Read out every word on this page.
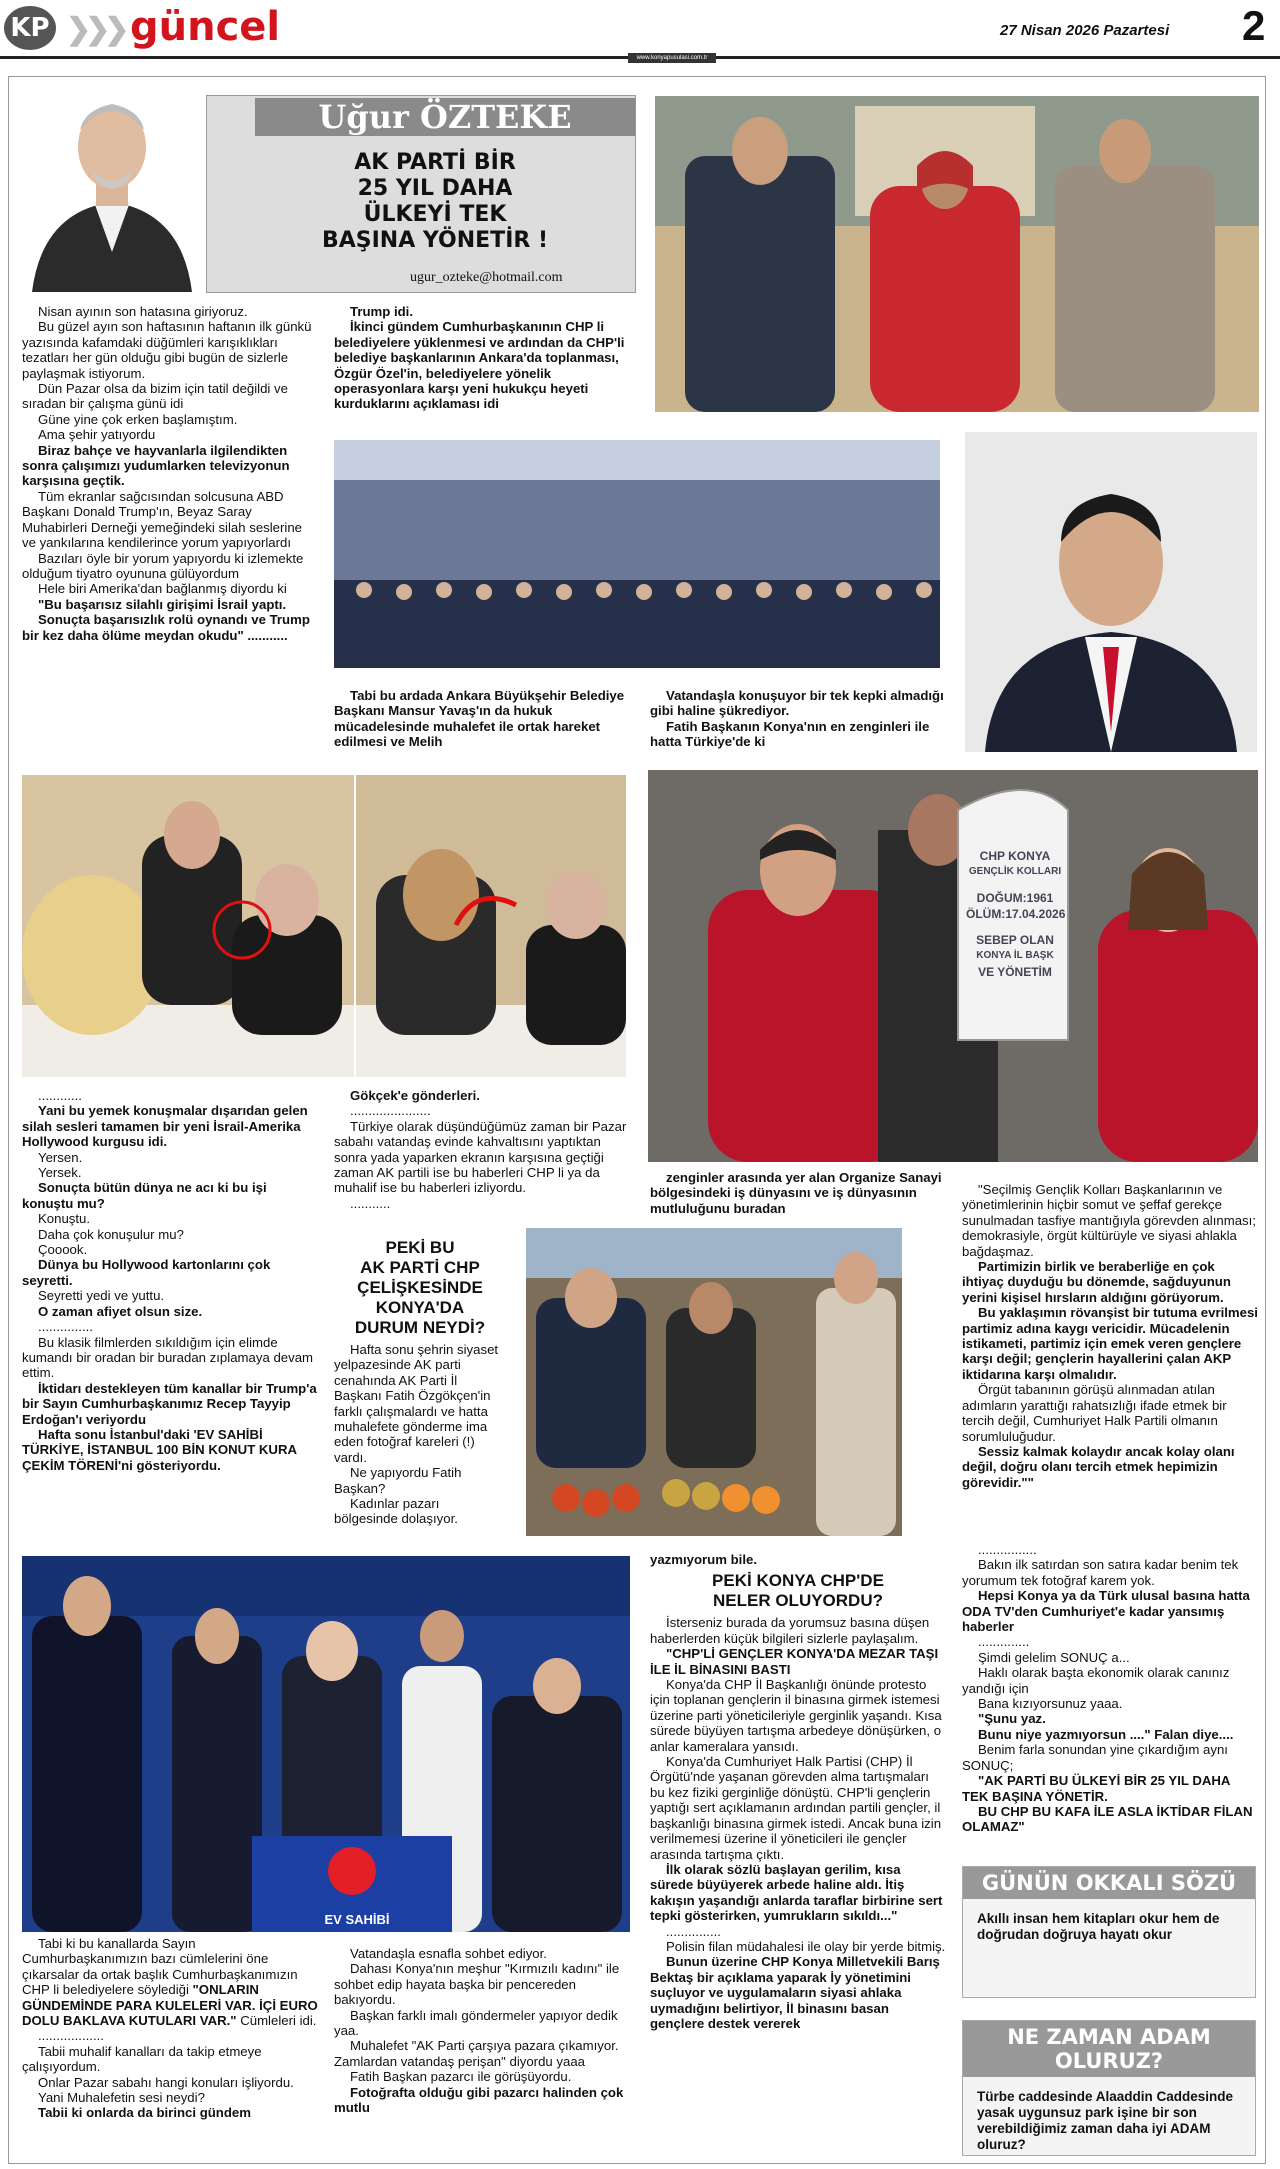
KP ❯❯❯ güncel	27 Nisan 2026 Pazartesi 2
www.konyapusulasi.com.tr
Uğur ÖZTEKE
AK PARTİ BİR
25 YIL DAHA
ÜLKEYİ TEK
BAŞINA YÖNETİR !
ugur_ozteke@hotmail.com
CHP KONYA
GENÇLİK KOLLARI
DOĞUM:1961
ÖLÜM:17.04.2026
SEBEP OLAN
KONYA İL BAŞK
VE YÖNETİM
EV SAHİBİ

Nisan ayının son hatasına giriyoruz.

Bu güzel ayın son haftasının haftanın ilk günkü yazısında kafamdaki düğümleri karışıklıkları tezatları her gün olduğu gibi bugün de sizlerle paylaşmak istiyorum.

Dün Pazar olsa da bizim için tatil değildi ve sıradan bir çalışma günü idi

Güne yine çok erken başlamıştım.

Ama şehir yatıyordu

Biraz bahçe ve hayvanlarla ilgilendikten sonra çalışımızı yudumlarken televizyonun karşısına geçtik.

Tüm ekranlar sağcısından solcusuna ABD Başkanı Donald Trump'ın, Beyaz Saray Muhabirleri Derneği yemeğindeki silah seslerine ve yankılarına kendilerince yorum yapıyorlardı

Bazıları öyle bir yorum yapıyordu ki izlemekte olduğum tiyatro oyununa gülüyordum

Hele biri Amerika'dan bağlanmış diyordu ki

"Bu başarısız silahlı girişimi İsrail yaptı.

Sonuçta başarısızlık rolü oynandı ve Trump bir kez daha ölüme meydan okudu" ...........

Trump idi.

İkinci gündem Cumhurbaşkanının CHP li belediyelere yüklenmesi ve ardından da CHP'li belediye başkanlarının Ankara'da toplanması, Özgür Özel'in, belediyelere yönelik operasyonlara karşı yeni hukukçu heyeti kurduklarını açıklaması idi

Tabi bu ardada Ankara Büyükşehir Belediye Başkanı Mansur Yavaş'ın da hukuk mücadelesinde muhalefet ile ortak hareket edilmesi ve Melih

Vatandaşla konuşuyor bir tek kepki almadığı gibi haline şükrediyor.

Fatih Başkanın Konya'nın en zenginleri ile hatta Türkiye'de ki

............

Yani bu yemek konuşmalar dışarıdan gelen silah sesleri tamamen bir yeni İsrail-Amerika Hollywood kurgusu idi.

Yersen.

Yersek.

Sonuçta bütün dünya ne acı ki bu işi konuştu mu?

Konuştu.

Daha çok konuşulur mu?

Çooook.

Dünya bu Hollywood kartonlarını çok seyretti.

Seyretti yedi ve yuttu.

O zaman afiyet olsun size.

...............

Bu klasik filmlerden sıkıldığım için elimde kumandı bir oradan bir buradan zıplamaya devam ettim.

İktidarı destekleyen tüm kanallar bir Trump'a bir Sayın Cumhurbaşkanımız Recep Tayyip Erdoğan'ı veriyordu

Hafta sonu İstanbul'daki 'EV SAHİBİ TÜRKİYE, İSTANBUL 100 BİN KONUT KURA ÇEKİM TÖRENİ'ni gösteriyordu.

Gökçek'e gönderleri.

......................

Türkiye olarak düşündüğümüz zaman bir Pazar sabahı vatandaş evinde kahvaltısını yaptıktan sonra yada yaparken ekranın karşısına geçtiği zaman AK partili ise bu haberleri CHP li ya da muhalif ise bu haberleri izliyordu.

...........

PEKİ BU
AK PARTİ CHP
ÇELİŞKESİNDE
KONYA'DA
DURUM NEYDİ?

Hafta sonu şehrin siyaset yelpazesinde AK parti cenahında AK Parti İl Başkanı Fatih Özgökçen'in farklı çalışmalardı ve hatta muhalefete gönderme ima eden fotoğraf kareleri (!) vardı.

Ne yapıyordu Fatih Başkan?

Kadınlar pazarı bölgesinde dolaşıyor.

zenginler arasında yer alan Organize Sanayi bölgesindeki iş dünyasını ve iş dünyasının mutluluğunu buradan

"Seçilmiş Gençlik Kolları Başkanlarının ve yönetimlerinin hiçbir somut ve şeffaf gerekçe sunulmadan tasfiye mantığıyla görevden alınması; demokrasiyle, örgüt kültürüyle ve siyasi ahlakla bağdaşmaz.

Partimizin birlik ve beraberliğe en çok ihtiyaç duyduğu bu dönemde, sağduyunun yerini kişisel hırsların aldığını görüyorum.

Bu yaklaşımın rövanşist bir tutuma evrilmesi partimiz adına kaygı vericidir. Mücadelenin istikameti, partimiz için emek veren gençlere karşı değil; gençlerin hayallerini çalan AKP iktidarına karşı olmalıdır.

Örgüt tabanının görüşü alınmadan atılan adımların yarattığı rahatsızlığı ifade etmek bir tercih değil, Cumhuriyet Halk Partili olmanın sorumluluğudur.

Sessiz kalmak kolaydır ancak kolay olanı değil, doğru olanı tercih etmek hepimizin görevidir.""

................

Bakın ilk satırdan son satıra kadar benim tek yorumum tek fotoğraf karem yok.

Hepsi Konya ya da Türk ulusal basına hatta ODA TV'den Cumhuriyet'e kadar yansımış haberler

..............

Şimdi gelelim SONUÇ a...

Haklı olarak başta ekonomik olarak canınız yandığı için

Bana kızıyorsunuz yaaa.

"Şunu yaz.

Bunu niye yazmıyorsun ...." Falan diye....

Benim farla sonundan yine çıkardığım aynı SONUÇ;

"AK PARTİ BU ÜLKEYİ BİR 25 YIL DAHA TEK BAŞINA YÖNETİR.

BU CHP BU KAFA İLE ASLA İKTİDAR FİLAN OLAMAZ"

yazmıyorum bile.
PEKİ KONYA CHP'DE
NELER OLUYORDU?

İsterseniz burada da yorumsuz basına düşen haberlerden küçük bilgileri sizlerle paylaşalım.

"CHP'Lİ GENÇLER KONYA'DA MEZAR TAŞI İLE İL BİNASINI BASTI

Konya'da CHP İl Başkanlığı önünde protesto için toplanan gençlerin il binasına girmek istemesi üzerine parti yöneticileriyle gerginlik yaşandı. Kısa sürede büyüyen tartışma arbedeye dönüşürken, o anlar kameralara yansıdı.

Konya'da Cumhuriyet Halk Partisi (CHP) İl Örgütü'nde yaşanan görevden alma tartışmaları bu kez fiziki gerginliğe dönüştü. CHP'li gençlerin yaptığı sert açıklamanın ardından partili gençler, il başkanlığı binasına girmek istedi. Ancak buna izin verilmemesi üzerine il yöneticileri ile gençler arasında tartışma çıktı.

İlk olarak sözlü başlayan gerilim, kısa sürede büyüyerek arbede haline aldı. İtiş kakışın yaşandığı anlarda taraflar birbirine sert tepki gösterirken, yumrukların sıkıldı..."

...............

Polisin filan müdahalesi ile olay bir yerde bitmiş.

Bunun üzerine CHP Konya Milletvekili Barış Bektaş bir açıklama yaparak İy yönetimini suçluyor ve uygulamaların siyasi ahlaka uymadığını belirtiyor, İl binasını basan gençlere destek vererek

Tabi ki bu kanallarda Sayın Cumhurbaşkanımızın bazı cümlelerini öne çıkarsalar da ortak başlık Cumhurbaşkanımızın CHP li belediyelere söylediği "ONLARIN GÜNDEMİNDE PARA KULELERİ VAR. İÇİ EURO DOLU BAKLAVA KUTULARI VAR." Cümleleri idi.

..................

Tabii muhalif kanalları da takip etmeye çalışıyordum.

Onlar Pazar sabahı hangi konuları işliyordu.

Yani Muhalefetin sesi neydi?

Tabii ki onlarda da birinci gündem

Vatandaşla esnafla sohbet ediyor.

Dahası Konya'nın meşhur "Kırmızılı kadını" ile sohbet edip hayata başka bir pencereden bakıyordu.

Başkan farklı imalı göndermeler yapıyor dedik yaa.

Muhalefet "AK Parti çarşıya pazara çıkamıyor. Zamlardan vatandaş perişan" diyordu yaaa

Fatih Başkan pazarcı ile görüşüyordu.

Fotoğrafta olduğu gibi pazarcı halinden çok mutlu

GÜNÜN OKKALI SÖZÜ
Akıllı insan hem kitapları okur hem de doğrudan doğruya hayatı okur
NE ZAMAN ADAM OLURUZ?
Türbe caddesinde Alaaddin Caddesinde yasak uygunsuz park işine bir son verebildiğimiz zaman daha iyi ADAM oluruz?
